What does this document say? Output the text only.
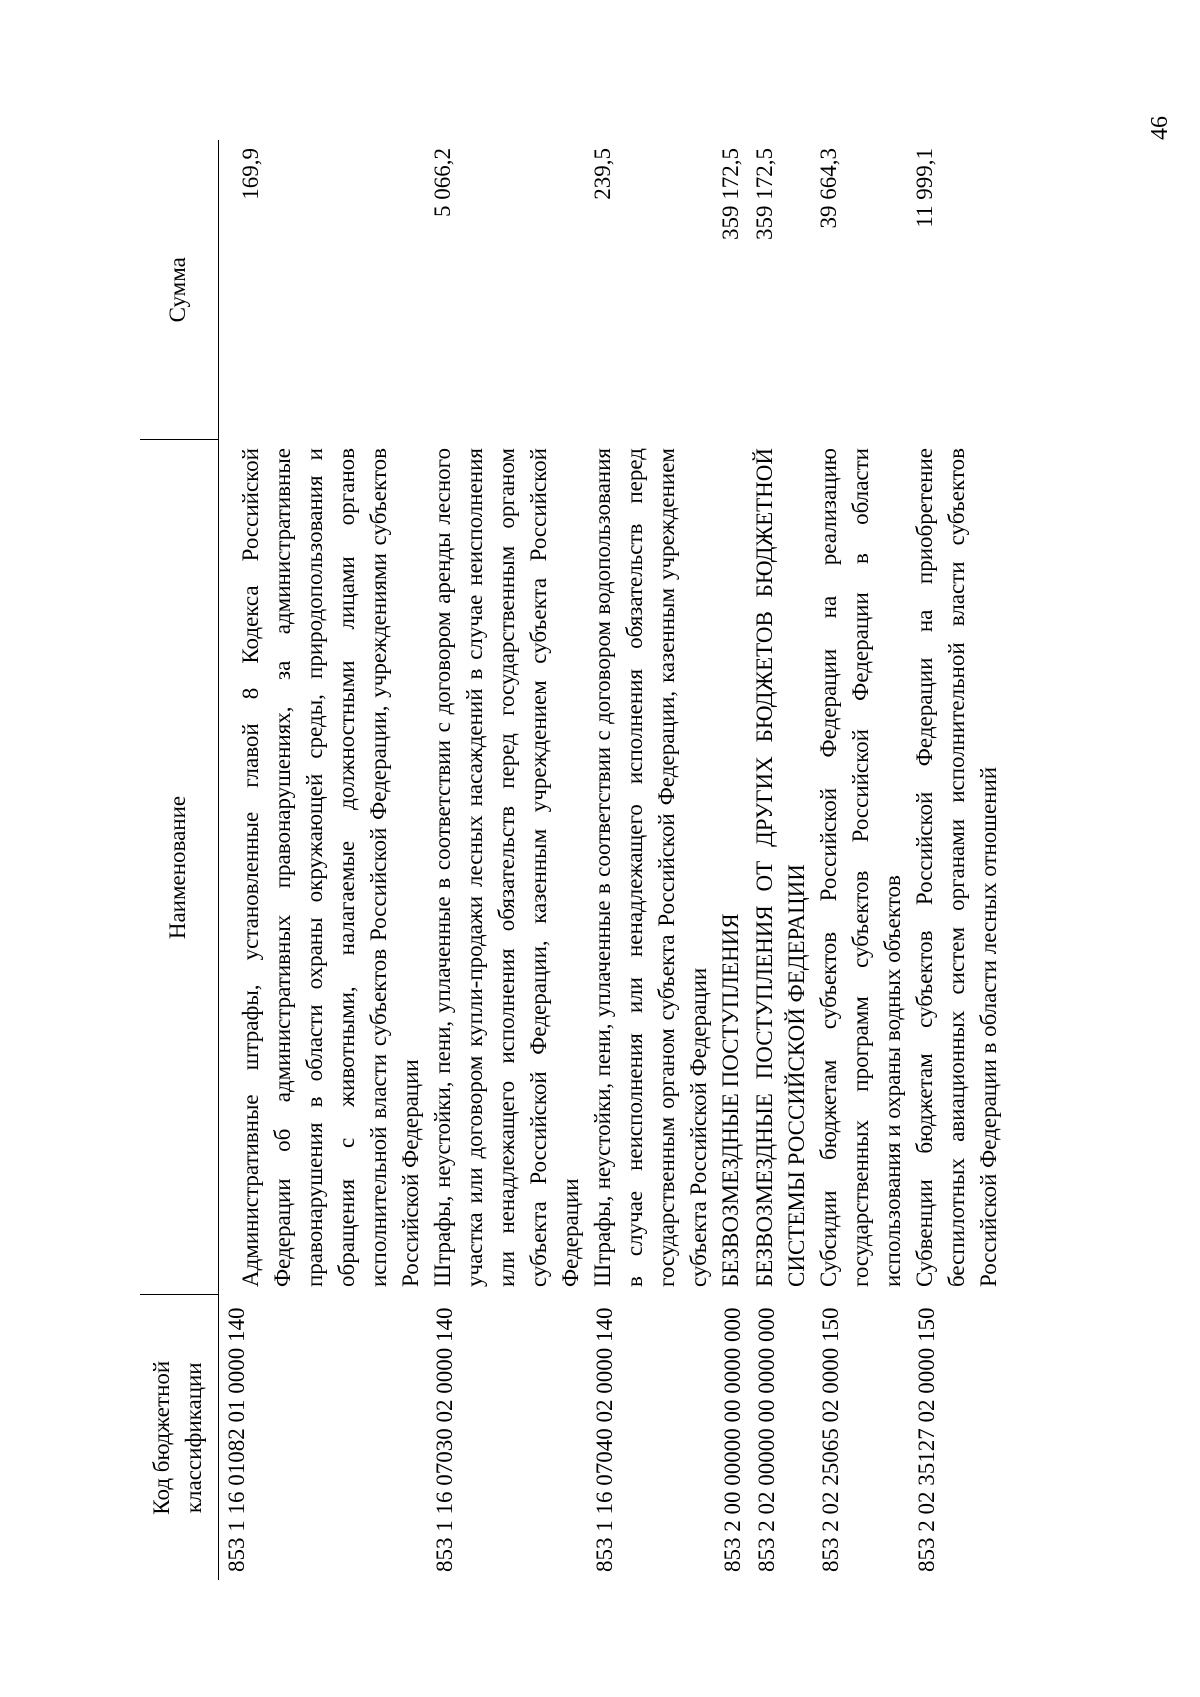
46
Код бюджетной классификации	Наименование	Сумма
853 1 16 01082 01 0000 140	Административные штрафы, установленные главой 8 Кодекса Российской Федерации об административных правонарушениях, за административные правонарушения в области охраны окружающей среды, природопользования и обращения с животными, налагаемые должностными лицами органов исполнительной власти субъектов Российской Федерации, учреждениями субъектов Российской Федерации	169,9
853 1 16 07030 02 0000 140	Штрафы, неустойки, пени, уплаченные в соответствии с договором аренды лесного участка или договором купли-продажи лесных насаждений в случае неисполнения или ненадлежащего исполнения обязательств перед государственным органом субъекта Российской Федерации, казенным учреждением субъекта Российской Федерации	5 066,2
853 1 16 07040 02 0000 140	Штрафы, неустойки, пени, уплаченные в соответствии с договором водопользования в случае неисполнения или ненадлежащего исполнения обязательств перед государственным органом субъекта Российской Федерации, казенным учреждением субъекта Российской Федерации	239,5
853 2 00 00000 00 0000 000	БЕЗВОЗМЕЗДНЫЕ ПОСТУПЛЕНИЯ	359 172,5
853 2 02 00000 00 0000 000	БЕЗВОЗМЕЗДНЫЕ ПОСТУПЛЕНИЯ ОТ ДРУГИХ БЮДЖЕТОВ БЮДЖЕТНОЙ СИСТЕМЫ РОССИЙСКОЙ ФЕДЕРАЦИИ	359 172,5
853 2 02 25065 02 0000 150	Субсидии бюджетам субъектов Российской Федерации на реализацию государственных программ субъектов Российской Федерации в области использования и охраны водных объектов	39 664,3
853 2 02 35127 02 0000 150	Субвенции бюджетам субъектов Российской Федерации на приобретение беспилотных авиационных систем органами исполнительной власти субъектов Российской Федерации в области лесных отношений	11 999,1
